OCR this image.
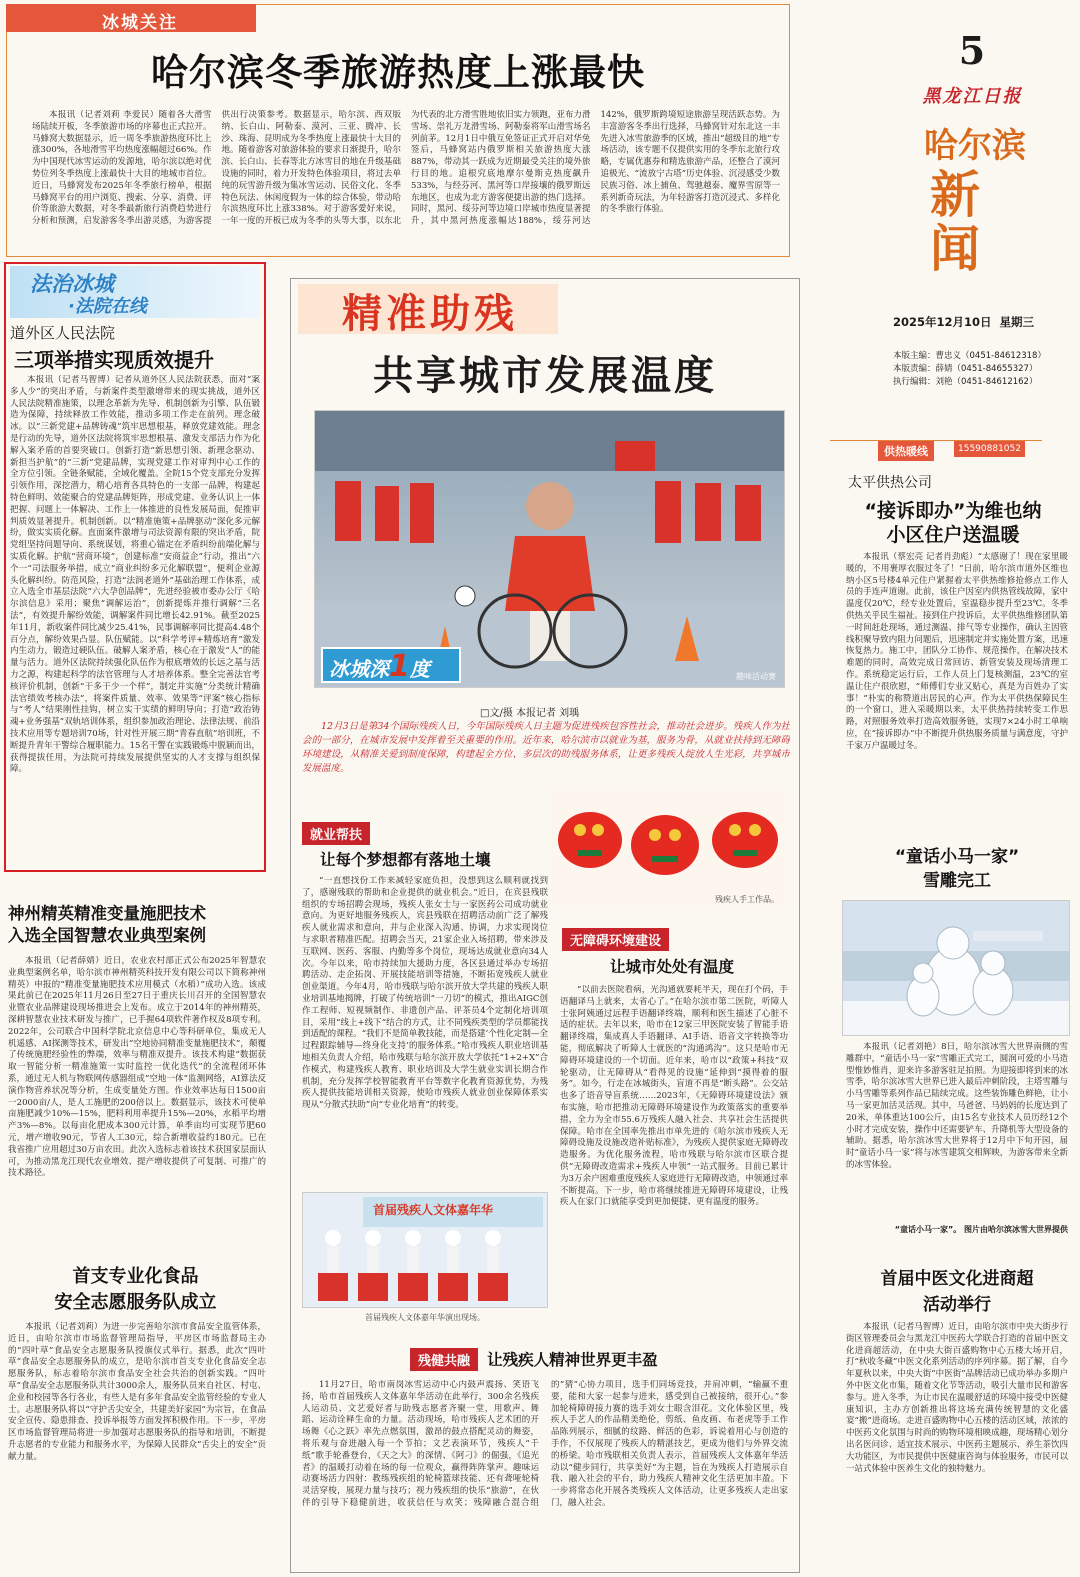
冰城关注
哈尔滨冬季旅游热度上涨最快
本报讯（记者刘莉 李爱民）随着各大滑雪场陆续开板，冬季旅游市场的序幕也正式拉开。马蜂窝大数据显示，近一周冬季旅游热度环比上涨300%，各地滑雪平均热度涨幅超过66%。作为中国现代冰雪运动的发源地，哈尔滨以绝对优势位列冬季热度上涨最快十大目的地城市首位。近日，马蜂窝发布2025年冬季旅行榜单，根据马蜂窝平台的用户浏览、搜索、分享、消费、评价等旅游大数据，对冬季最新旅行消费趋势进行分析和预测，启发游客冬季出游灵感，为游客提供出行决策参考。数据显示，哈尔滨、西双版纳、长白山、阿勒泰、漠河、三亚、腾冲、长沙、珠海、昆明成为冬季热度上涨最快十大目的地。随着游客对旅游体验的要求日渐提升，哈尔滨、长白山、长春等北方冰雪目的地在升级基础设施的同时，着力开发特色体验项目，将过去单纯的玩雪游升级为集冰雪运动、民俗文化、冬季特色玩法、休闲度假为一体的综合体验，带动哈尔滨热度环比上涨338%。对于游客愛好来说，一年一度的开板已成为冬季的头等大事，以东北为代表的北方滑雪胜地依旧实力领跑，亚布力滑雪场、崇礼万龙滑雪场、阿勒泰将军山滑雪场名列前茅。12月1日中俄互免签证正式开启对华免签后，马蜂窝站内俄罗斯相关旅游热度大涨887%，带动其一跃成为近期最受关注的境外旅行目的地。追根究底地摩尔曼斯克热度飙升533%，与经芬河、黑河等口岸接壤的俄罗斯远东地区，也成为北方游客便捷出游的热门选择。同时，黑河、绥芬河等边境口岸城市热度显著提升，其中黑河热度涨幅达188%，绥芬河达142%，俄罗斯跨境短途旅游呈现活跃态势。为丰富游客冬季出行选择，马蜂窝针对东北这一丰先进入冰雪旅游季的区域，推出“超级目的地”专场活动，该专题不仅提供实用的冬季东北旅行攻略，专属优惠券和精选旅游产品，还整合了漠河追极光、“流放宁古塔”历史体验、沉浸感受少数民族习俗、冰上捕鱼、驾驰越泰、魔界雪原等一系列新奇玩法，为年轻游客打造沉浸式、多样化的冬季旅行体验。
5
黑龙江日报
哈尔滨
新闻
2025年12月10日 星期三
本版主编：曹忠义（0451-84612318）
本版责编：薛婧（0451-84655327）
执行编辑：刘艳（0451-84612162）
法治冰城
·法院在线
道外区人民法院
三项举措实现质效提升
本报讯（记者马智博）记者从道外区人民法院获悉，面对“案多人少”的突出矛盾，与新案件类型激增带来的现实挑战，道外区人民法院精准施策，以理念革新为先导、机制创新为引擎、队伍锻造为保障，持续释放工作效能，推动多项工作走在前列。理念破冰。以“三新党建+品牌铸魂”筑牢思想根基，释放党建效能。理念是行动的先导，道外区法院将筑牢思想根基、激发支部活力作为化解入案矛盾的首要突破口。创新打造“新思想引领、新理念驱动、新担当护航”的“三新”党建品牌，实现党建工作对审判中心工作的全方位引领。全链条赋能，全域化覆盖。全院15个党支部充分发挥引领作用，深挖潜力，精心培育各具特色的一支部一品牌，构建起特色鲜明、效能聚合的党建品牌矩阵，形成党建、业务认识上一体把握、问题上一体解决、工作上一体推进的良性发展局面，促推审判质效显著提升。机制创新。以“精准施策+品牌驱动”深化多元解纷，做实实质化解。直面案件激增与司法资源有限的突出矛盾，院党组坚持问题导向、系统谋划，将重心锚定在矛盾纠纷前端化解与实质化解。护航“营商环境”，创建标准“安商益企”行动，推出“六个一”司法服务举措，成立“商业纠纷多元化解联盟”，便利企业源头化解纠纷。防范风险，打造“法润老道外”基础治理工作体系，成立入选全市基层法院“六大孕创品牌”，先进经验被市委办公厅《哈尔滨信息》采用；聚焦“调解运治”，创新提炼并推行调解“三名法”，有效提升解纷效能，调解案件同比增长42.91%。截至2025年11月，新收案件同比减少25.41%，民事调解率同比提高4.48个百分点，解纷效果凸显。队伍赋能。以“科学考评+精炼培育”激发内生动力，锻造过硬队伍。破解人案矛盾，核心在于激发“人”的能量与活力。道外区法院持续强化队伍作为根底增效的长远之基与活力之源，构建起科学的法官管理与人才培养体系。整全完善法官考核评价机制，创新“干多干少一个样”，制定并实施“分类统计精确法官绩效考核办法”，将案件质量、效率、效果等“评案”核心指标与“考人”结果刚性挂钩，树立实干实绩的鲜明导向；打造“政治铸魂+业务强基”双轨培训体系，组织参加政治理论、法律法规、前沿技术应用等专题培训70场，针对性开展三期“青春直航”培训班，不断提升青年干警综合履职能力。15名干警在实践锻炼中脱颖而出，获得提拔任用，为法院可持续发展提供坚实的人才支撑与组织保障。
精准助残
共享城市发展温度
冰城深1度	趣味活动赛
□文/摄 本报记者 刘瑀
12月3日是第34个国际残疾人日，今年国际残疾人日主题为促进残疾包容性社会，推动社会进步。残疾人作为社会的一部分，在城市发展中发挥着至关重要的作用。近年来，哈尔滨市以就业为基，服务为骨，从就业扶持到无障碍环境建设，从精准关爱到制度保障，构建起全方位、多层次的助残服务体系，让更多残疾人绽放人生光彩，共享城市发展温度。
就业帮扶
让每个梦想都有落地土壤
残疾人手工作品。
“一直想找份工作来减轻家庭负担，没想到这么顺利就找到了，感谢残联的帮助和企业提供的就业机会。”近日，在宾县残联组织的专场招聘会现场，残疾人张女士与一家医药公司成功就业意向。为更好地服务残疾人，宾县残联在招聘活动前广泛了解残疾人就业需求和意向，并与企业深入沟通、协调，力求实现岗位与求职者精准匹配。招聘会当天，21家企业入场招聘，带来涉及互联网、医药、客服、内勤等多个岗位，现场达成就业意向34人次。今年以来，哈市持续加大援助力度，各区县通过举办专场招聘活动、走企拓岗、开展技能培训等措施，不断拓宽残疾人就业创业渠道。今年4月，哈市残联与哈尔滨开放大学共建的残疾人职业培训基地揭牌，打破了传统培训“一刀切”的模式，推出AIGC创作工程师、短视频制作、非遗创产品、评茶员4个定制化培训项目，采用“线上+线下”结合的方式，让不同残疾类型的学员都能找到适配的课程。“我们不是简单教技能，而是搭建‘个性化定制—全过程跟踪辅导—终身化支持’的服务体系。”哈市残疾人职业培训基地相关负责人介绍，哈市残联与哈尔滨开放大学依托“1+2+X”合作模式，构建残疾人教育、职业培训及大学生就业实训长期合作机制，充分发挥学校智能教育平台等数字化教育资源优势，为残疾人提供技能培训相关资源，使哈市残疾人就业创业保障体系实现从“分散式扶助”向“专业化培育”的转变。
首届残疾人文体嘉年华
首届残疾人文体嘉年华演出现场。
无障碍环境建设
让城市处处有温度
“以前去医院看病，光沟通就要耗半天，现在打个码，手语翻译马上就来，太省心了。”在哈尔滨市第二医院，听障人士张阿姨通过远程手语翻译终端，顺利和医生描述了心脏不适的症状。去年以来，哈市在12家三甲医院安装了智能手语翻译终端，集成真人手语翻译、AI手语、语音文字转换等功能，彻底解决了听障人士就医的“沟通鸿沟”。这只是哈市无障碍环境建设的一个切面。近年来，哈市以“政策+科技”双轮驱动，让无障碍从“看得见的设施”延伸到“摸得着的服务”。如今，行走在冰城街头，盲道不再是“断头路”。公交站也多了语音导盲系统……2023年，《无障碍环境建设法》颁布实施，哈市把推动无障碍环境建设作为政策落实的重要举措，全力为全市55.6万残疾人融入社会、共享社会生活提供保障。哈市在全国率先推出市单先进的《哈尔滨市残疾人无障碍设施及设施改造补贴标准》，为残疾人提供家庭无障碍改造服务。为优化服务流程，哈市残联与哈尔滨市区联合提供“无障碍改造需求+残疾人申领”一站式服务。目前已累计为3万余户困难重度残疾人家庭进行无障碍改造，申领通过率不断提高。下一步，哈市将继续推进无障碍环境建设，让残疾人在家门口就能享受到更加便捷、更有温度的服务。
残健共融 让残疾人精神世界更丰盈
11月27日，哈市南岗冰雪运动中心内鼓声震扬、笑语飞扬，哈市首届残疾人文体嘉年华活动在此举行，300余名残疾人运动员、文艺爱好者与助残志愿者齐聚一堂，用歌声、舞蹈、运动诠释生命的力量。活动现场，哈市残疾人艺术团的开场舞《心之跃》率先点燃氛围，激昂的鼓点搭配灵动的舞姿，将乐观与奋进融入每一个节拍；文艺表演环节，残疾人“千纸”歌手轮番登台，《天之大》的深情、《阿刁》的倔强，《追光者》的温暖打动着在场的每一位观众，赢得阵阵掌声。趣味运动赛场活力四射：教练残疾组的轮椅篮球技能、还有聋哑轮椅灵活穿梭，展现力量与技巧；视力残疾组的快乐“旅游”，在伙伴的引导下稳健前进，收获信任与欢笑；残障融合混合组的“猜”心协力项目，选手们同场竞技，并肩冲刺，“输赢不重要，能和大家一起参与进来，感受到自己被接纳，很开心。”参加轮椅障碍接力赛的选手刘女士眼含泪花。文化体验区里，残疾人手艺人的作品精美绝伦，剪纸、鱼皮画、布老虎等手工作品陈列展示，细腻的纹路、鲜活的色彩，诉说着用心与创造的手作，不仅展现了残疾人的精湛技艺，更成为他们与外界交流的桥梁。哈市残联相关负责人表示，首届残疾人文体嘉年华活动以“健步同行，共享美好”为主题，旨在为残疾人打造展示自我、融入社会的平台，助力残疾人精神文化生活更加丰盈。下一步将常态化开展各类残疾人文体活动，让更多残疾人走出家门，融入社会。
供热暖线	15590881052
太平供热公司
“接诉即办”为维也纳
小区住户送温暖
本报讯（蔡宏亮 记者肖劲彪）“太感谢了！现在家里暖暖的，不用裹厚衣服过冬了！”日前，哈尔滨市道外区维也纳小区5号楼4单元住户紧握着太平供热维修抢修点工作人员的手连声道谢。此前，该住户因室内供热管线故障，家中温度仅20℃，经专业处置后，室温稳步提升至23℃。冬季供热关乎民生福祉。接到住户投诉后，太平供热维修团队第一时间赶赴现场，通过测温、排气等专业操作，确认主因管线积聚导致内阻力问题后，迅速制定并实施处置方案，迅速恢复热力。施工中，团队分工协作、规范操作，在解决技术难题的同时，高效完成日常回访、新管安装及现场清理工作。系统稳定运行后，工作人员上门复核测温，23℃的室温让住户很欣慰，“师傅们专业又贴心，真是为百姓办了实事！”朴实的称赞道出居民的心声。作为太平供热保障民生的一个窗口，进入采暖期以来，太平供热持续转变工作思路，对照服务效率打造高效服务链，实现7×24小时工单响应，在“接诉即办”中不断提升供热服务质量与满意度，守护千家万户温暖过冬。
“童话小马一家”
雪雕完工
本报讯（记者刘艳）8日，哈尔滨冰雪大世界南侧的雪雕群中，“童话小马一家”雪雕正式完工，圆润可爱的小马造型惟妙惟肖，迎来许多游客驻足拍照。为迎接即将到来的冰雪季，哈尔滨冰雪大世界已进入最后冲刺阶段，主塔雪雕与小马雪雕等系列作品已陆续完成。这些装饰雕色鲜艳，让小马一家更加活灵活现。其中，马爸爸、马妈妈的长度达到了20米，单体重达100公斤，由15名专业技术人员历经12个小时才完成安装，操作中还需要铲车、升降机等大型设备的辅助。据悉，哈尔滨冰雪大世界将于12月中下旬开园，届时“童话小马一家”将与冰雪建筑交相辉映，为游客带来全新的冰雪体验。
“童话小马一家”。 图片由哈尔滨冰雪大世界提供
首届中医文化进商超
活动举行
本报讯（记者马智博）近日，由哈尔滨市中央大街步行街区管理委员会与黑龙江中医药大学联合打造的首届中医文化进商超活动，在中央大街百盛购物中心五楼大场开启，打“秋收冬藏”中医文化系列活动的序列序幕。据了解，自今年夏秋以来，中央大街“中医街”品牌活动已成功举办多期户外中医文化市集，随着文化节等活动，吸引大量市民和游客参与。进入冬季，为让市民在温暖舒适的环境中接受中医健康知识，主办方创新推出将这场充满传统智慧的文化盛宴“搬”进商场。走进百盛购物中心五楼的活动区域，浓浓的中医药文化氛围与时尚的购物环境相映成趣，现场精心划分出名医问诊、适宜技术展示、中医药主题展示、养生茶饮四大功能区，为市民提供中医健康咨询与体验服务，市民可以一站式体验中医养生文化的独特魅力。
神州精英精准变量施肥技术
入选全国智慧农业典型案例
本报讯（记者薛婧）近日，农业农村部正式公布2025年智慧农业典型案例名单，哈尔滨市神州精英科技开发有限公司以下简称神州精英）申报的“精准变量施肥技术应用模式（水稻）”成功入选。该成果此前已在2025年11月26日至27日于重庆长川召开的全国智慧农业暨农业品牌建设现场推进会上发布。成立于2014年的神州精英，深耕智慧农业技术研发与推广，已手握64项软件著作权及8项专利。2022年，公司联合中国科学院北京信息中心等科研单位，集成无人机遥感、AI探测等技术，研发出“空地协同精准变量施肥技术”，颠覆了传统施肥经验性的弊端，效率与精准双提升。该技术构建“数据获取一智能分析一精准施策一实时监控一优化迭代”的全流程闭环体系，通过无人机与物联网传感器组成“空地一体”监测网络，AI算法反演作物营养状况等分析，生成变量处方图。作业效率达每日1500亩一2000亩/人，是人工施肥的200倍以上。数据显示，该技术可使单亩施肥减少10%—15%，肥料利用率提升15%—20%，水稻平均增产3%—8%。以每亩化肥成本300元计算，单季亩均可实现节肥60元，增产增收90元，节省人工30元，综合新增收益约180元。已在我省推广应用超过30万亩农田。此次入选标志着该技术获国家层面认可，为推动黑龙江现代农业增效、提产增收提供了可复制、可推广的技术路径。
首支专业化食品
安全志愿服务队成立
本报讯（记者刘莉）为进一步完善哈尔滨市食品安全监管体系，近日，由哈尔滨市市场监督管理局指导，平房区市场监督局主办的“四叶草”食品安全志愿服务队授旗仪式举行。据悉，此次“四叶草”食品安全志愿服务队的成立，是哈尔滨市首支专业化食品安全志愿服务队，标志着哈尔滨市食品安全社会共治的创新实践。“四叶草”食品安全志愿服务队共计3000余人，服务队员来自社区、村屯、企业和校园等各行各业，有些人是有多年食品安全监管经验的专业人士。志愿服务队将以“守护舌尖安全，共建美好家园”为宗旨，在食品安全宣传、隐患排查、投诉举报等方面发挥积极作用。下一步，平房区市场监督管理局将进一步加强对志愿服务队的指导和培训，不断提升志愿者的专业能力和服务水平，为保障人民群众“舌尖上的安全”贡献力量。
